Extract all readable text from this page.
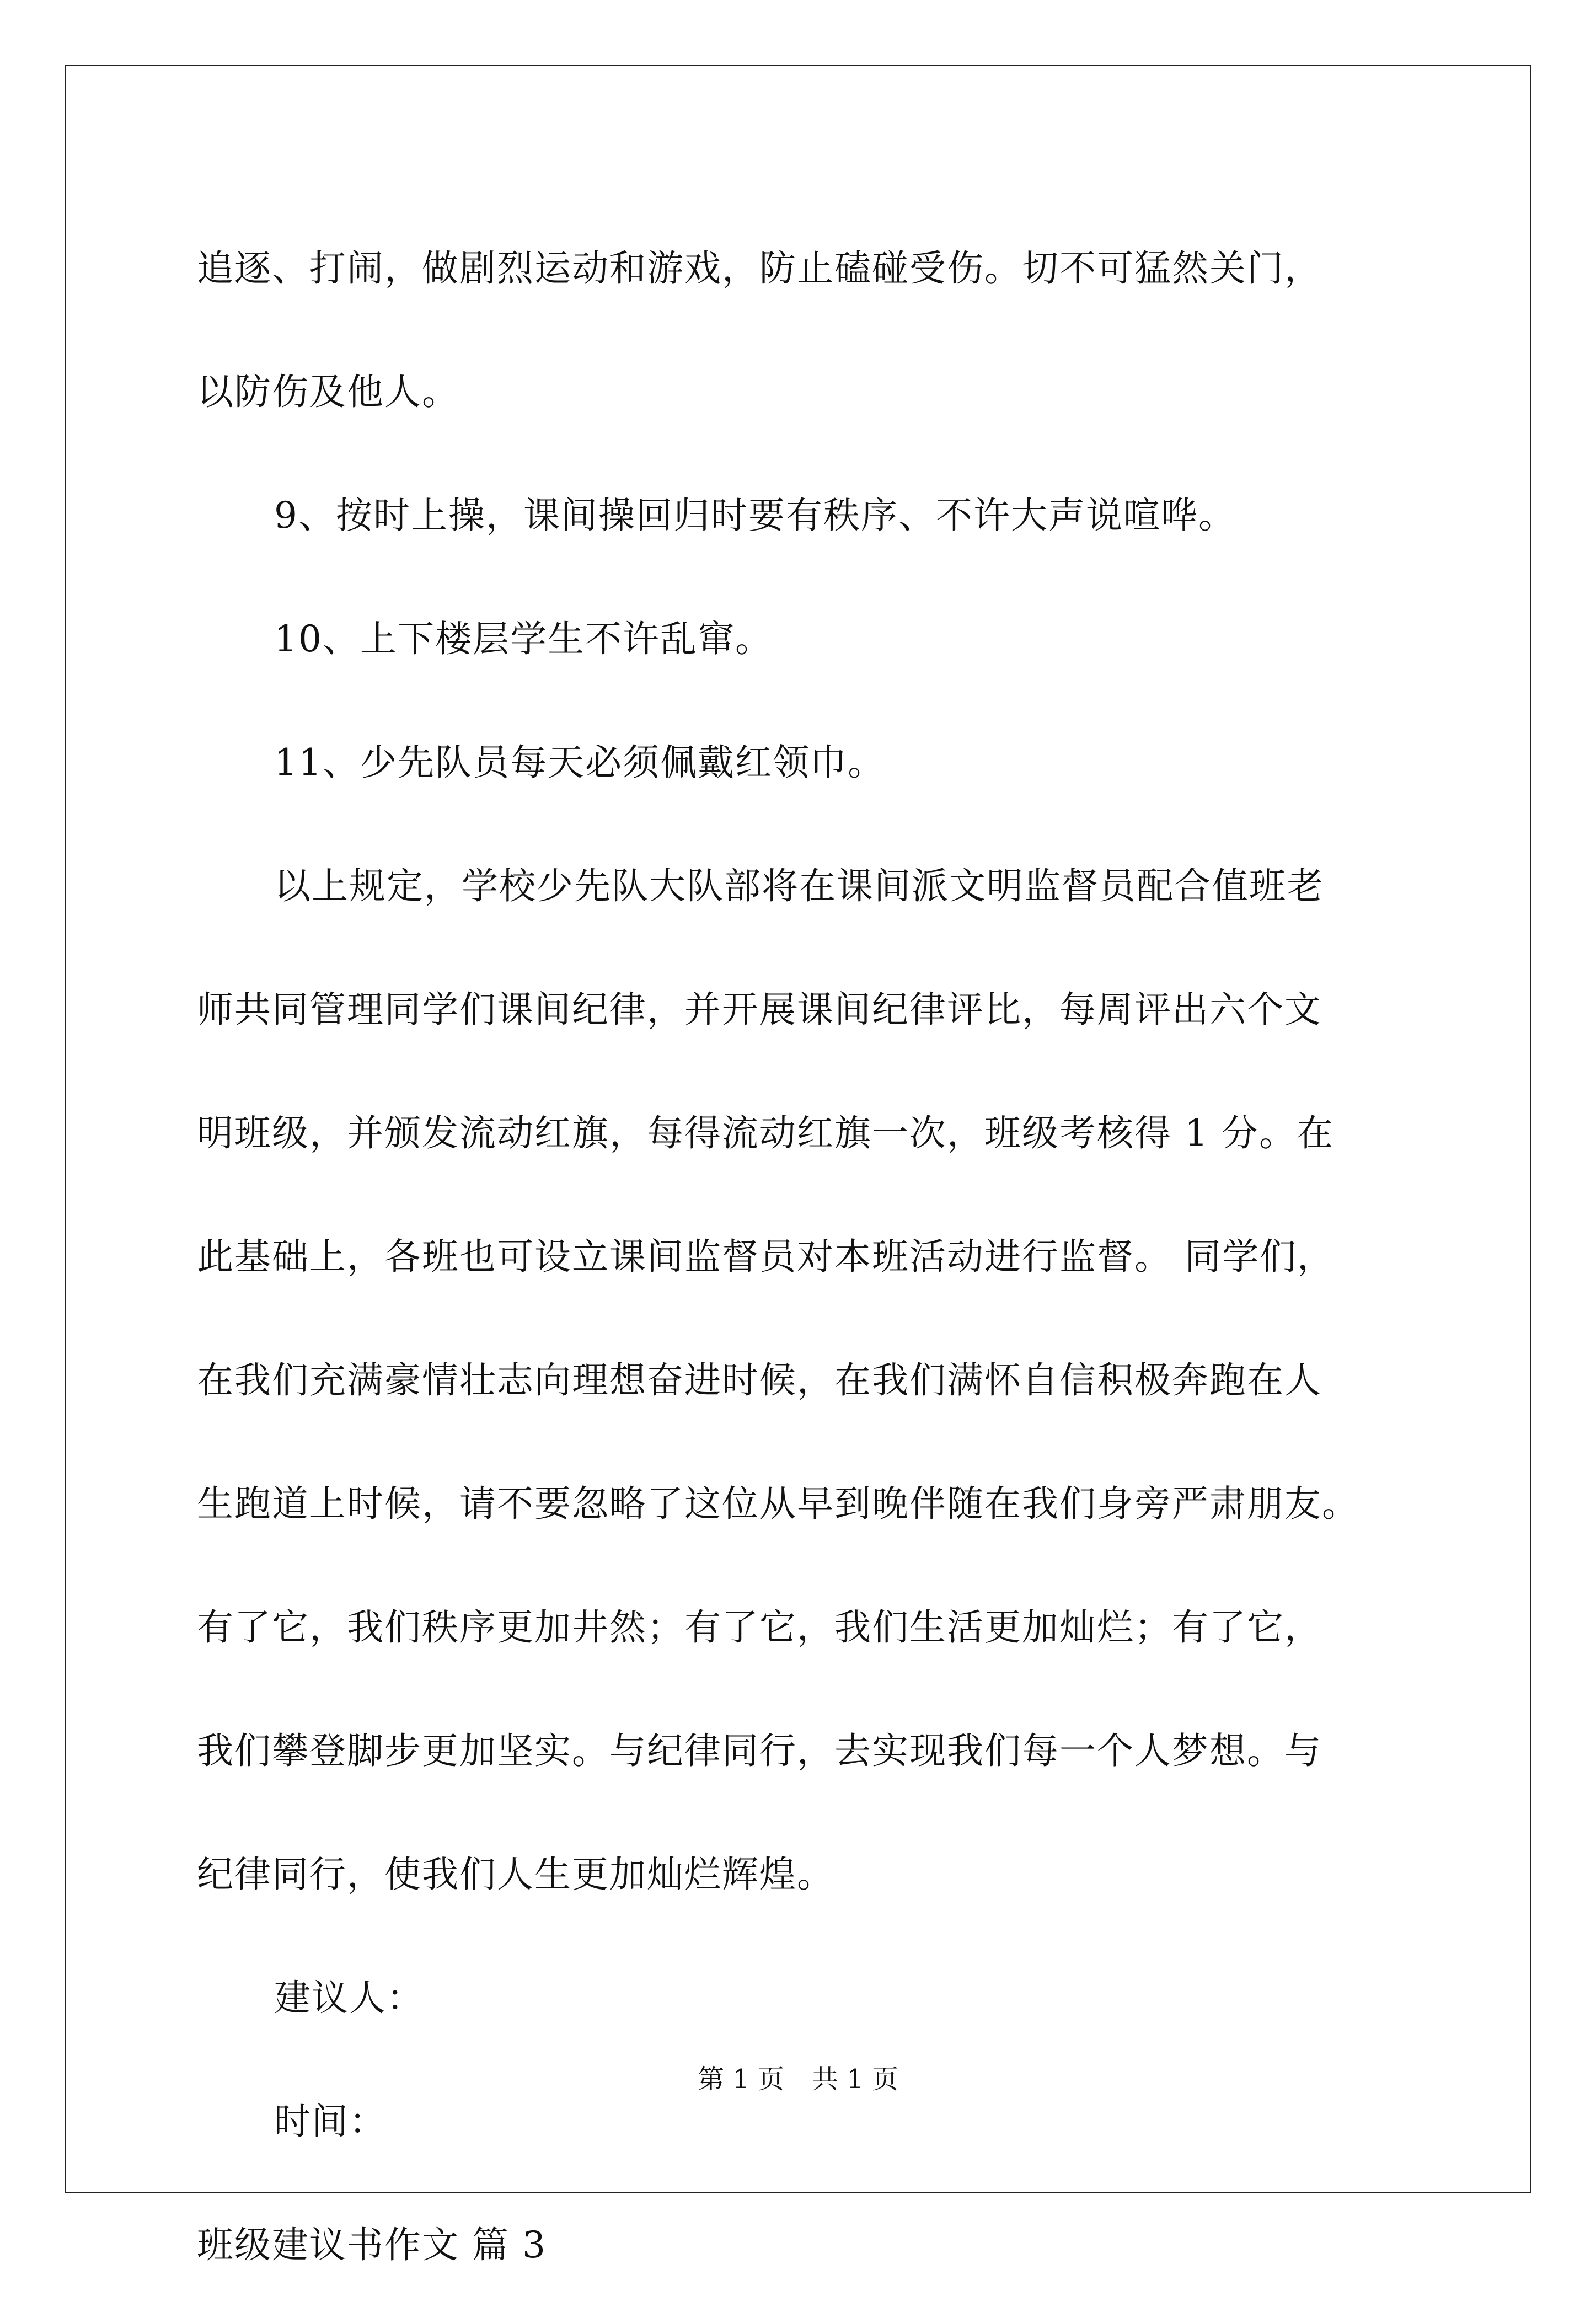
追逐、打闹，做剧烈运动和游戏，防止磕碰受伤。切不可猛然关门，
以防伤及他人。
9、按时上操，课间操回归时要有秩序、不许大声说喧哗。
10、上下楼层学生不许乱窜。
11、少先队员每天必须佩戴红领巾。
以上规定，学校少先队大队部将在课间派文明监督员配合值班老
师共同管理同学们课间纪律，并开展课间纪律评比，每周评出六个文
明班级，并颁发流动红旗，每得流动红旗一次，班级考核得 1 分。在
此基础上，各班也可设立课间监督员对本班活动进行监督。 同学们，
在我们充满豪情壮志向理想奋进时候，在我们满怀自信积极奔跑在人
生跑道上时候，请不要忽略了这位从早到晚伴随在我们身旁严肃朋友。
有了它，我们秩序更加井然；有了它，我们生活更加灿烂；有了它，
我们攀登脚步更加坚实。与纪律同行，去实现我们每一个人梦想。与
纪律同行，使我们人生更加灿烂辉煌。
建议人：
时间：
班级建议书作文 篇 3
第 1 页 共 1 页
